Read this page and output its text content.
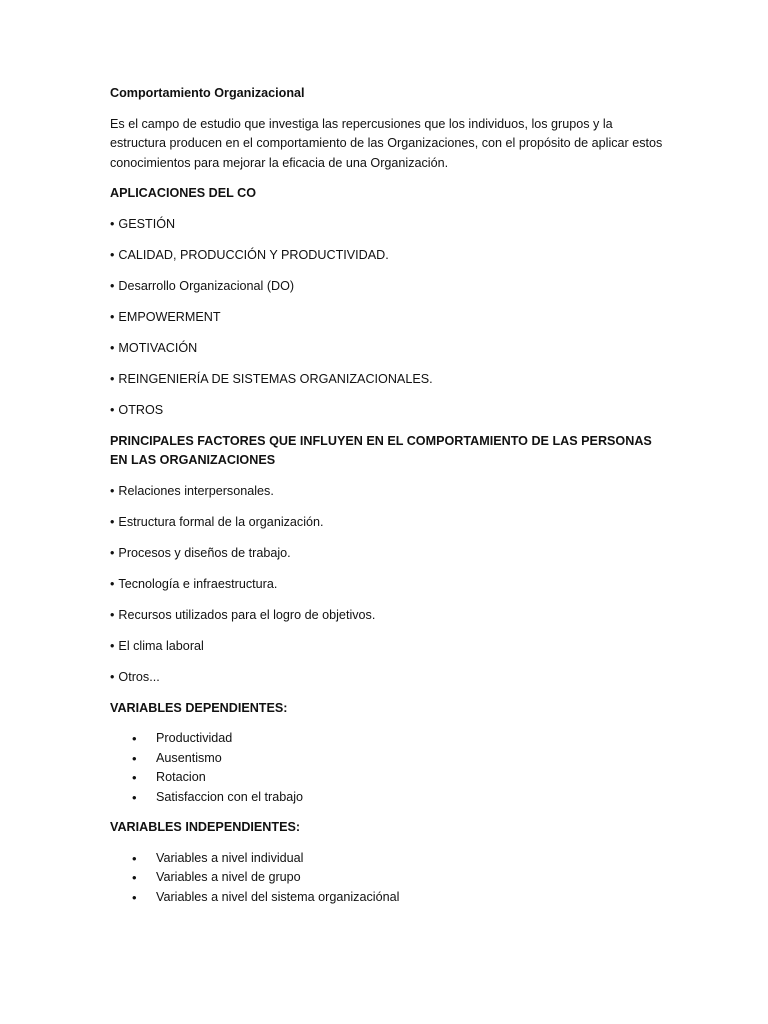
Comportamiento Organizacional

Es el campo de estudio que investiga las repercusiones que los individuos, los grupos y la estructura producen en el comportamiento de las Organizaciones, con el propósito de aplicar estos conocimientos para mejorar la eficacia de una Organización.

APLICACIONES DEL CO

• GESTIÓN

• CALIDAD, PRODUCCIÓN Y PRODUCTIVIDAD.

• Desarrollo Organizacional (DO)

• EMPOWERMENT

• MOTIVACIÓN

• REINGENIERÍA DE SISTEMAS ORGANIZACIONALES.

• OTROS

PRINCIPALES FACTORES QUE INFLUYEN EN EL COMPORTAMIENTO DE LAS PERSONAS EN LAS ORGANIZACIONES

• Relaciones interpersonales.

• Estructura formal de la organización.

• Procesos y diseños de trabajo.

• Tecnología e infraestructura.

• Recursos utilizados para el logro de objetivos.

• El clima laboral

• Otros...

VARIABLES DEPENDIENTES:

• Productividad
• Ausentismo
• Rotacion
• Satisfaccion con el trabajo

VARIABLES INDEPENDIENTES:

• Variables a nivel individual
• Variables a nivel de grupo
• Variables a nivel del sistema organizaciónal
